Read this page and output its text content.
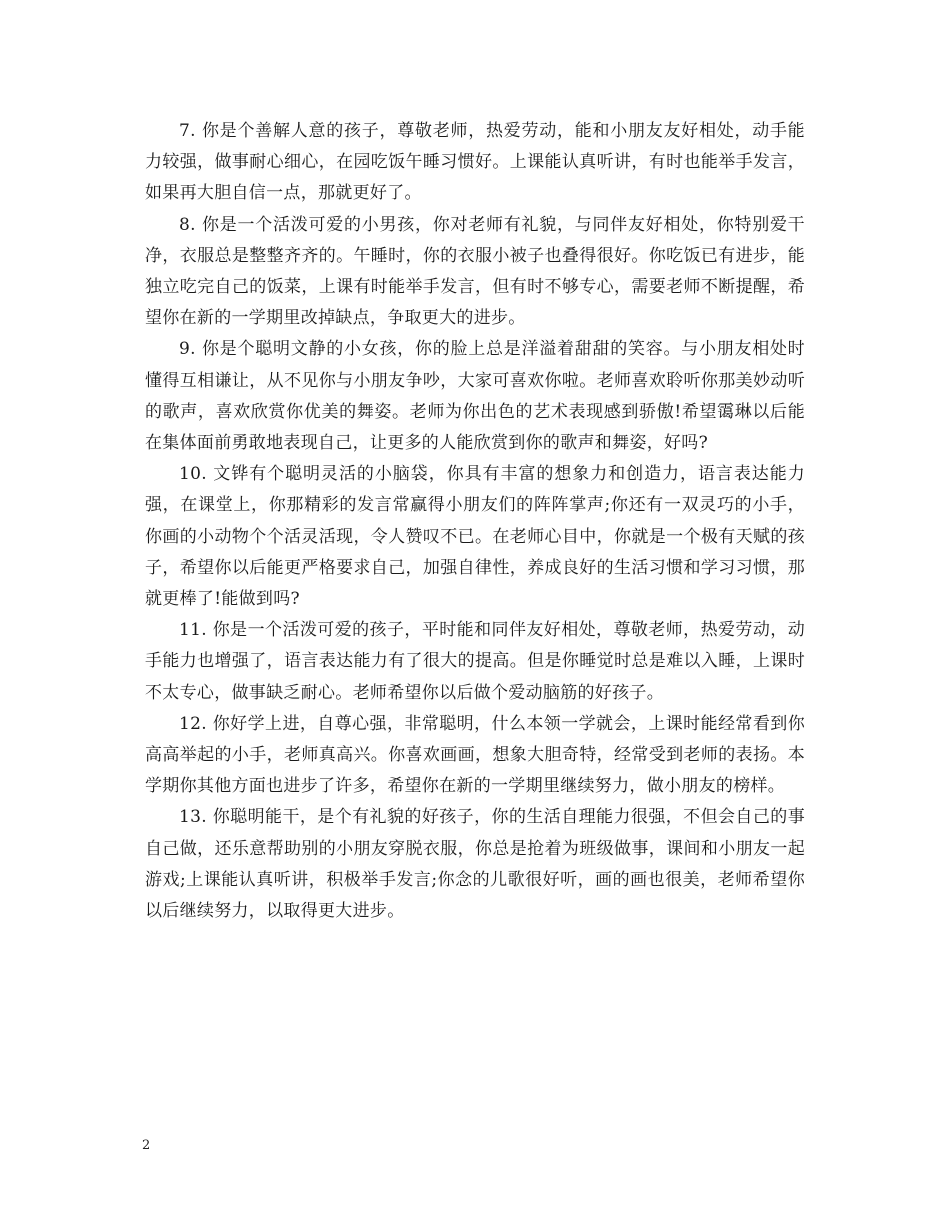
7. 你是个善解人意的孩子，尊敬老师，热爱劳动，能和小朋友友好相处，动手能力较强，做事耐心细心，在园吃饭午睡习惯好。上课能认真听讲，有时也能举手发言，如果再大胆自信一点，那就更好了。

8. 你是一个活泼可爱的小男孩，你对老师有礼貌，与同伴友好相处，你特别爱干净，衣服总是整整齐齐的。午睡时，你的衣服小被子也叠得很好。你吃饭已有进步，能独立吃完自己的饭菜，上课有时能举手发言，但有时不够专心，需要老师不断提醒，希望你在新的一学期里改掉缺点，争取更大的进步。

9. 你是个聪明文静的小女孩，你的脸上总是洋溢着甜甜的笑容。与小朋友相处时懂得互相谦让，从不见你与小朋友争吵，大家可喜欢你啦。老师喜欢聆听你那美妙动听的歌声，喜欢欣赏你优美的舞姿。老师为你出色的艺术表现感到骄傲!希望霭琳以后能在集体面前勇敢地表现自己，让更多的人能欣赏到你的歌声和舞姿，好吗?

10. 文铧有个聪明灵活的小脑袋，你具有丰富的想象力和创造力，语言表达能力强，在课堂上，你那精彩的发言常赢得小朋友们的阵阵掌声;你还有一双灵巧的小手，你画的小动物个个活灵活现，令人赞叹不已。在老师心目中，你就是一个极有天赋的孩子，希望你以后能更严格要求自己，加强自律性，养成良好的生活习惯和学习习惯，那就更棒了!能做到吗?

11. 你是一个活泼可爱的孩子，平时能和同伴友好相处，尊敬老师，热爱劳动，动手能力也增强了，语言表达能力有了很大的提高。但是你睡觉时总是难以入睡，上课时不太专心，做事缺乏耐心。老师希望你以后做个爱动脑筋的好孩子。

12. 你好学上进，自尊心强，非常聪明，什么本领一学就会，上课时能经常看到你高高举起的小手，老师真高兴。你喜欢画画，想象大胆奇特，经常受到老师的表扬。本学期你其他方面也进步了许多，希望你在新的一学期里继续努力，做小朋友的榜样。

13. 你聪明能干，是个有礼貌的好孩子，你的生活自理能力很强，不但会自己的事自己做，还乐意帮助别的小朋友穿脱衣服，你总是抢着为班级做事，课间和小朋友一起游戏;上课能认真听讲，积极举手发言;你念的儿歌很好听，画的画也很美，老师希望你以后继续努力，以取得更大进步。

2
